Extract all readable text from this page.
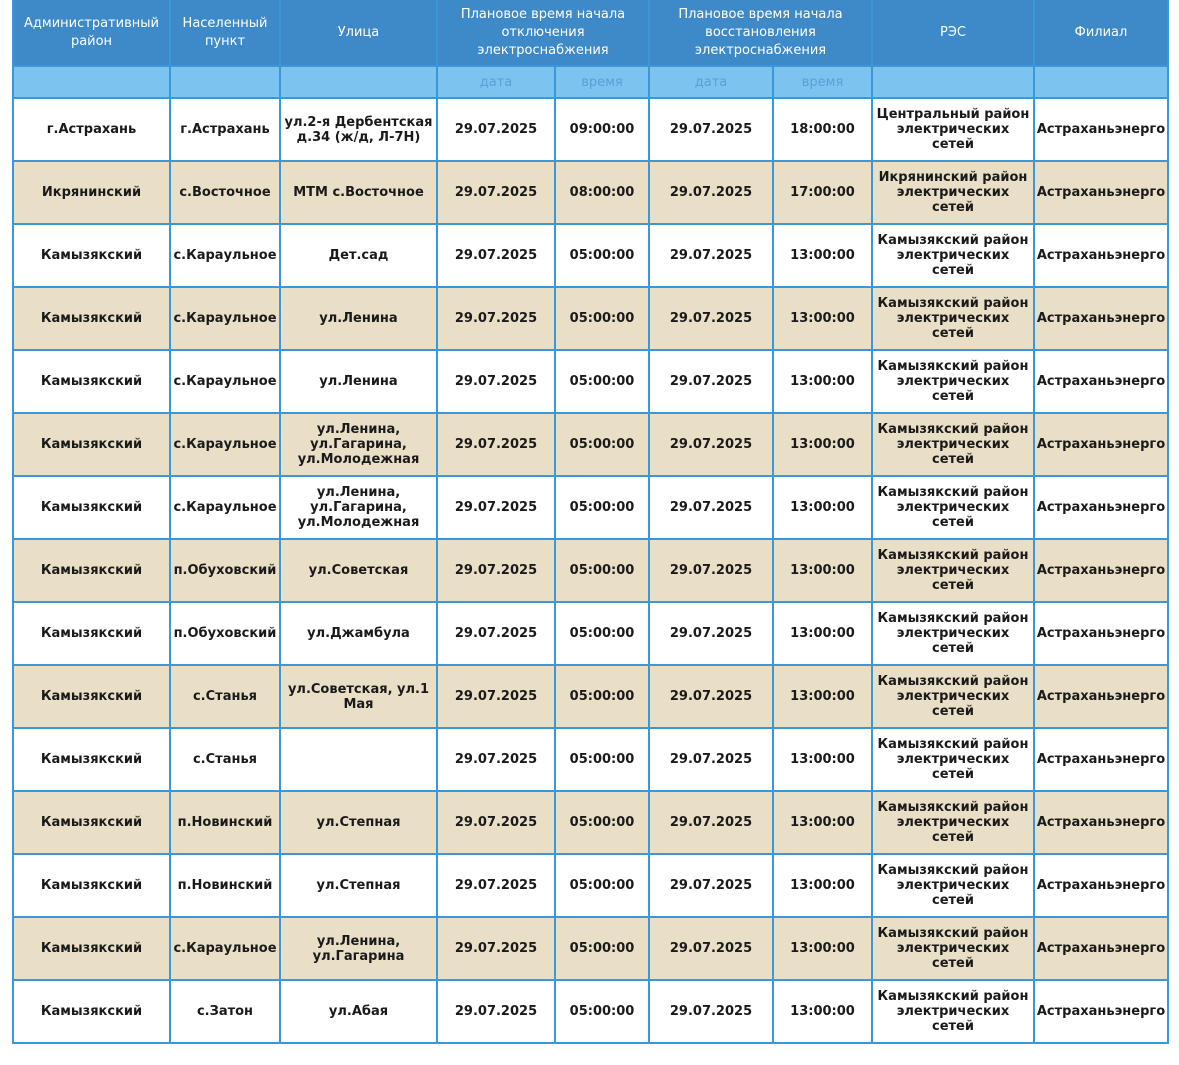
Административный район	Населенный пункт	Улица	Плановое время начала отключения электроснабжения		Плановое время начала восстановления электроснабжения		РЭС	Филиал
			дата	время	дата	время		
г.Астрахань	г.Астрахань	ул.2-я Дербентская д.34 (ж/д, Л-7Н)	29.07.2025	09:00:00	29.07.2025	18:00:00	Центральный район электрических сетей	Астраханьэнерго
Икрянинский	с.Восточное	МТМ с.Восточное	29.07.2025	08:00:00	29.07.2025	17:00:00	Икрянинский район электрических сетей	Астраханьэнерго
Камызякский	с.Караульное	Дет.сад	29.07.2025	05:00:00	29.07.2025	13:00:00	Камызякский район электрических сетей	Астраханьэнерго
Камызякский	с.Караульное	ул.Ленина	29.07.2025	05:00:00	29.07.2025	13:00:00	Камызякский район электрических сетей	Астраханьэнерго
Камызякский	с.Караульное	ул.Ленина	29.07.2025	05:00:00	29.07.2025	13:00:00	Камызякский район электрических сетей	Астраханьэнерго
Камызякский	с.Караульное	ул.Ленина, ул.Гагарина, ул.Молодежная	29.07.2025	05:00:00	29.07.2025	13:00:00	Камызякский район электрических сетей	Астраханьэнерго
Камызякский	с.Караульное	ул.Ленина, ул.Гагарина, ул.Молодежная	29.07.2025	05:00:00	29.07.2025	13:00:00	Камызякский район электрических сетей	Астраханьэнерго
Камызякский	п.Обуховский	ул.Советская	29.07.2025	05:00:00	29.07.2025	13:00:00	Камызякский район электрических сетей	Астраханьэнерго
Камызякский	п.Обуховский	ул.Джамбула	29.07.2025	05:00:00	29.07.2025	13:00:00	Камызякский район электрических сетей	Астраханьэнерго
Камызякский	с.Станья	ул.Советская, ул.1 Мая	29.07.2025	05:00:00	29.07.2025	13:00:00	Камызякский район электрических сетей	Астраханьэнерго
Камызякский	с.Станья		29.07.2025	05:00:00	29.07.2025	13:00:00	Камызякский район электрических сетей	Астраханьэнерго
Камызякский	п.Новинский	ул.Степная	29.07.2025	05:00:00	29.07.2025	13:00:00	Камызякский район электрических сетей	Астраханьэнерго
Камызякский	п.Новинский	ул.Степная	29.07.2025	05:00:00	29.07.2025	13:00:00	Камызякский район электрических сетей	Астраханьэнерго
Камызякский	с.Караульное	ул.Ленина, ул.Гагарина	29.07.2025	05:00:00	29.07.2025	13:00:00	Камызякский район электрических сетей	Астраханьэнерго
Камызякский	с.Затон	ул.Абая	29.07.2025	05:00:00	29.07.2025	13:00:00	Камызякский район электрических сетей	Астраханьэнерго
